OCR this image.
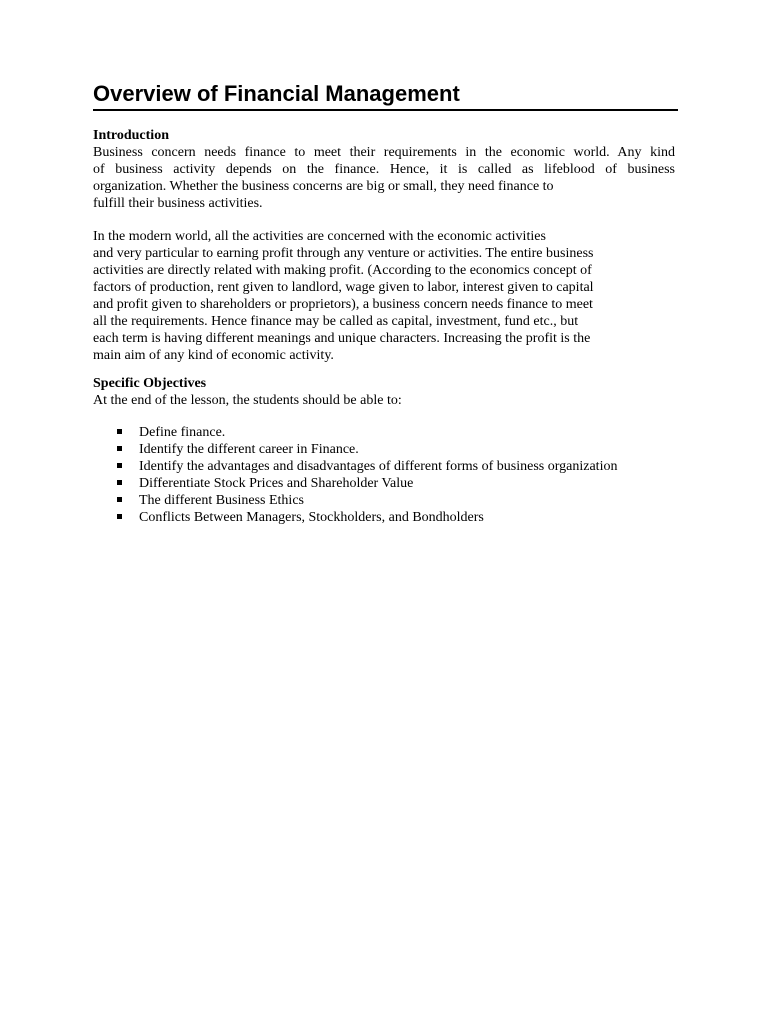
Overview of Financial Management
Introduction
Business concern needs finance to meet their requirements in the economic world. Any kind
of business activity depends on the finance. Hence, it is called as lifeblood of business
organization. Whether the business concerns are big or small, they need finance to
fulfill their business activities.
In the modern world, all the activities are concerned with the economic activities
and very particular to earning profit through any venture or activities. The entire business
activities are directly related with making profit. (According to the economics concept of
factors of production, rent given to landlord, wage given to labor, interest given to capital
and profit given to shareholders or proprietors), a business concern needs finance to meet
all the requirements. Hence finance may be called as capital, investment, fund etc., but
each term is having different meanings and unique characters. Increasing the profit is the
main aim of any kind of economic activity.
Specific Objectives
At the end of the lesson, the students should be able to:
Define finance.
Identify the different career in Finance.
Identify the advantages and disadvantages of different forms of business organization
Differentiate Stock Prices and Shareholder Value
The different Business Ethics
Conflicts Between Managers, Stockholders, and Bondholders
